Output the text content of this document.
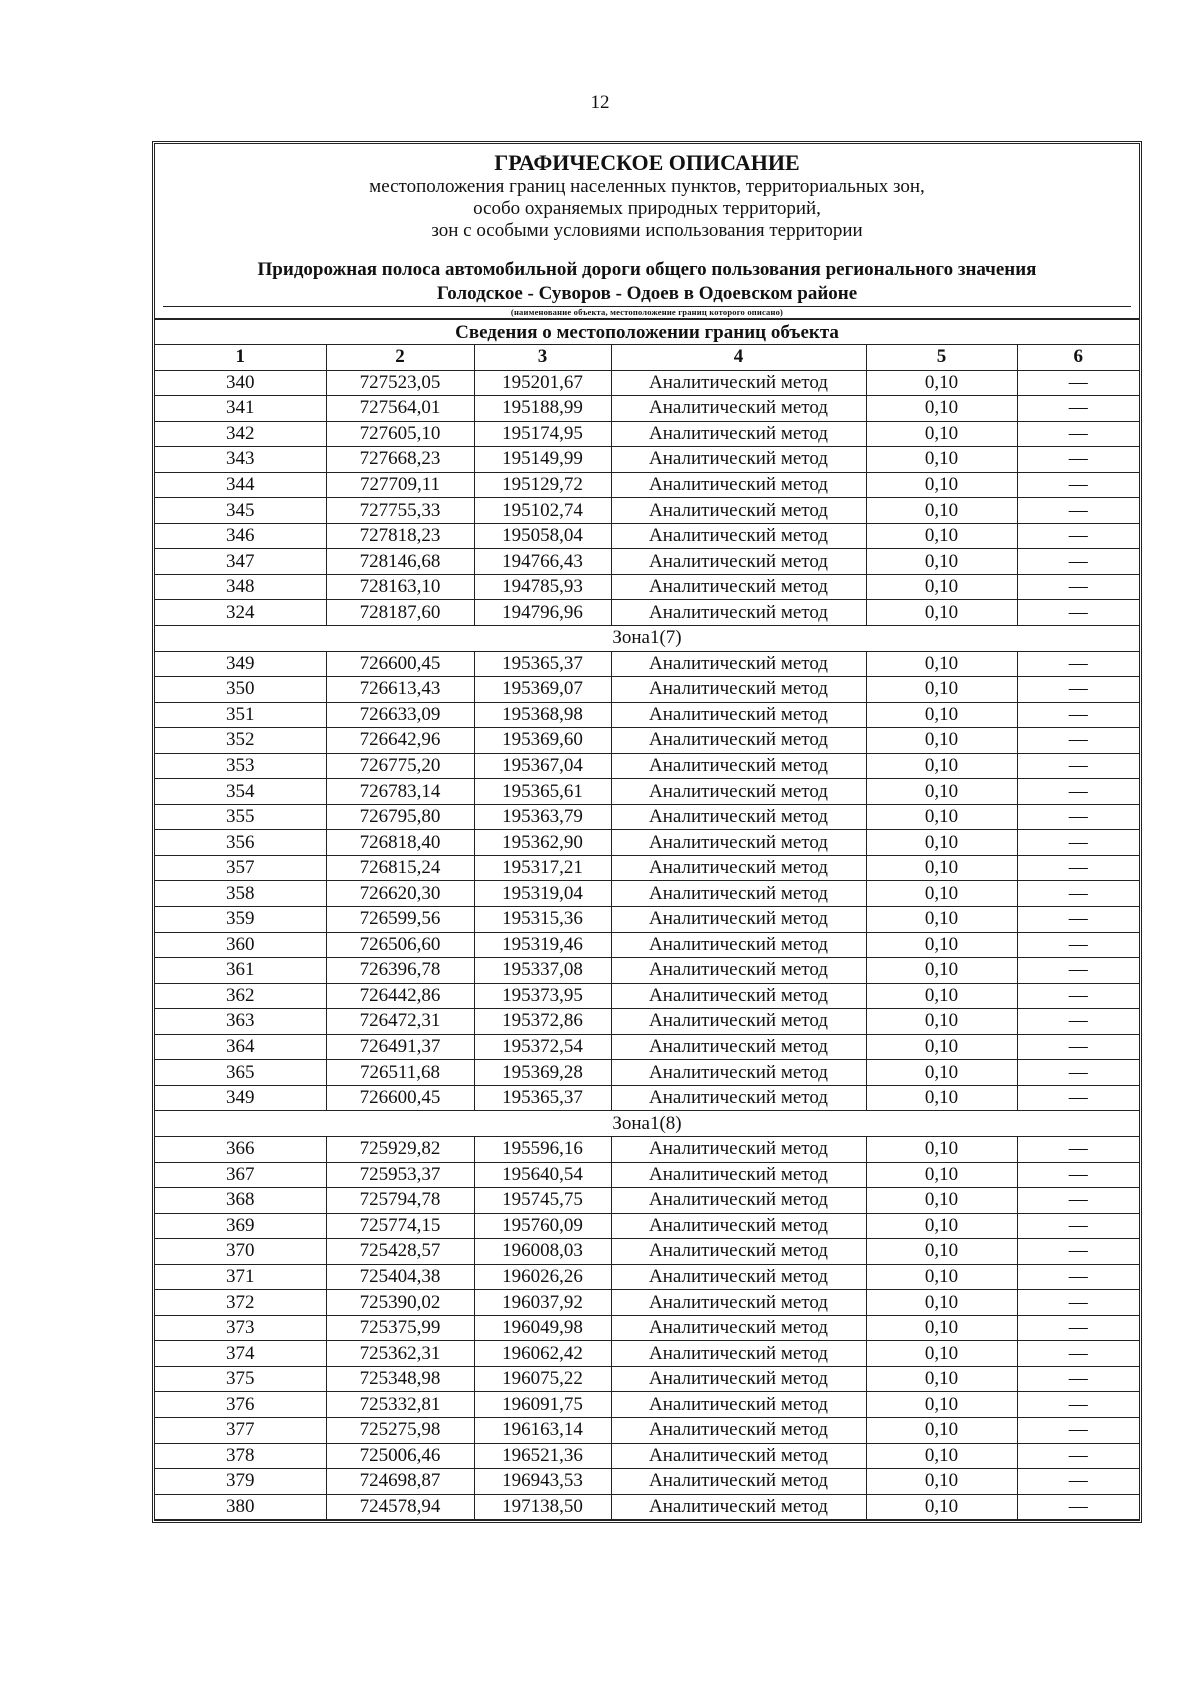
12
ГРАФИЧЕСКОЕ ОПИСАНИЕ
местоположения границ населенных пунктов, территориальных зон,
особо охраняемых природных территорий,
зон с особыми условиями использования территории
Придорожная полоса автомобильной дороги общего пользования регионального значения
Голодское - Суворов - Одоев в Одоевском районе
(наименование объекта, местоположение границ которого описано)
Сведения о местоположении границ объекта
1	2	3	4	5	6
340	727523,05	195201,67	Аналитический метод	0,10	—
341	727564,01	195188,99	Аналитический метод	0,10	—
342	727605,10	195174,95	Аналитический метод	0,10	—
343	727668,23	195149,99	Аналитический метод	0,10	—
344	727709,11	195129,72	Аналитический метод	0,10	—
345	727755,33	195102,74	Аналитический метод	0,10	—
346	727818,23	195058,04	Аналитический метод	0,10	—
347	728146,68	194766,43	Аналитический метод	0,10	—
348	728163,10	194785,93	Аналитический метод	0,10	—
324	728187,60	194796,96	Аналитический метод	0,10	—
Зона1(7)					
349	726600,45	195365,37	Аналитический метод	0,10	—
350	726613,43	195369,07	Аналитический метод	0,10	—
351	726633,09	195368,98	Аналитический метод	0,10	—
352	726642,96	195369,60	Аналитический метод	0,10	—
353	726775,20	195367,04	Аналитический метод	0,10	—
354	726783,14	195365,61	Аналитический метод	0,10	—
355	726795,80	195363,79	Аналитический метод	0,10	—
356	726818,40	195362,90	Аналитический метод	0,10	—
357	726815,24	195317,21	Аналитический метод	0,10	—
358	726620,30	195319,04	Аналитический метод	0,10	—
359	726599,56	195315,36	Аналитический метод	0,10	—
360	726506,60	195319,46	Аналитический метод	0,10	—
361	726396,78	195337,08	Аналитический метод	0,10	—
362	726442,86	195373,95	Аналитический метод	0,10	—
363	726472,31	195372,86	Аналитический метод	0,10	—
364	726491,37	195372,54	Аналитический метод	0,10	—
365	726511,68	195369,28	Аналитический метод	0,10	—
349	726600,45	195365,37	Аналитический метод	0,10	—
Зона1(8)					
366	725929,82	195596,16	Аналитический метод	0,10	—
367	725953,37	195640,54	Аналитический метод	0,10	—
368	725794,78	195745,75	Аналитический метод	0,10	—
369	725774,15	195760,09	Аналитический метод	0,10	—
370	725428,57	196008,03	Аналитический метод	0,10	—
371	725404,38	196026,26	Аналитический метод	0,10	—
372	725390,02	196037,92	Аналитический метод	0,10	—
373	725375,99	196049,98	Аналитический метод	0,10	—
374	725362,31	196062,42	Аналитический метод	0,10	—
375	725348,98	196075,22	Аналитический метод	0,10	—
376	725332,81	196091,75	Аналитический метод	0,10	—
377	725275,98	196163,14	Аналитический метод	0,10	—
378	725006,46	196521,36	Аналитический метод	0,10	—
379	724698,87	196943,53	Аналитический метод	0,10	—
380	724578,94	197138,50	Аналитический метод	0,10	—
